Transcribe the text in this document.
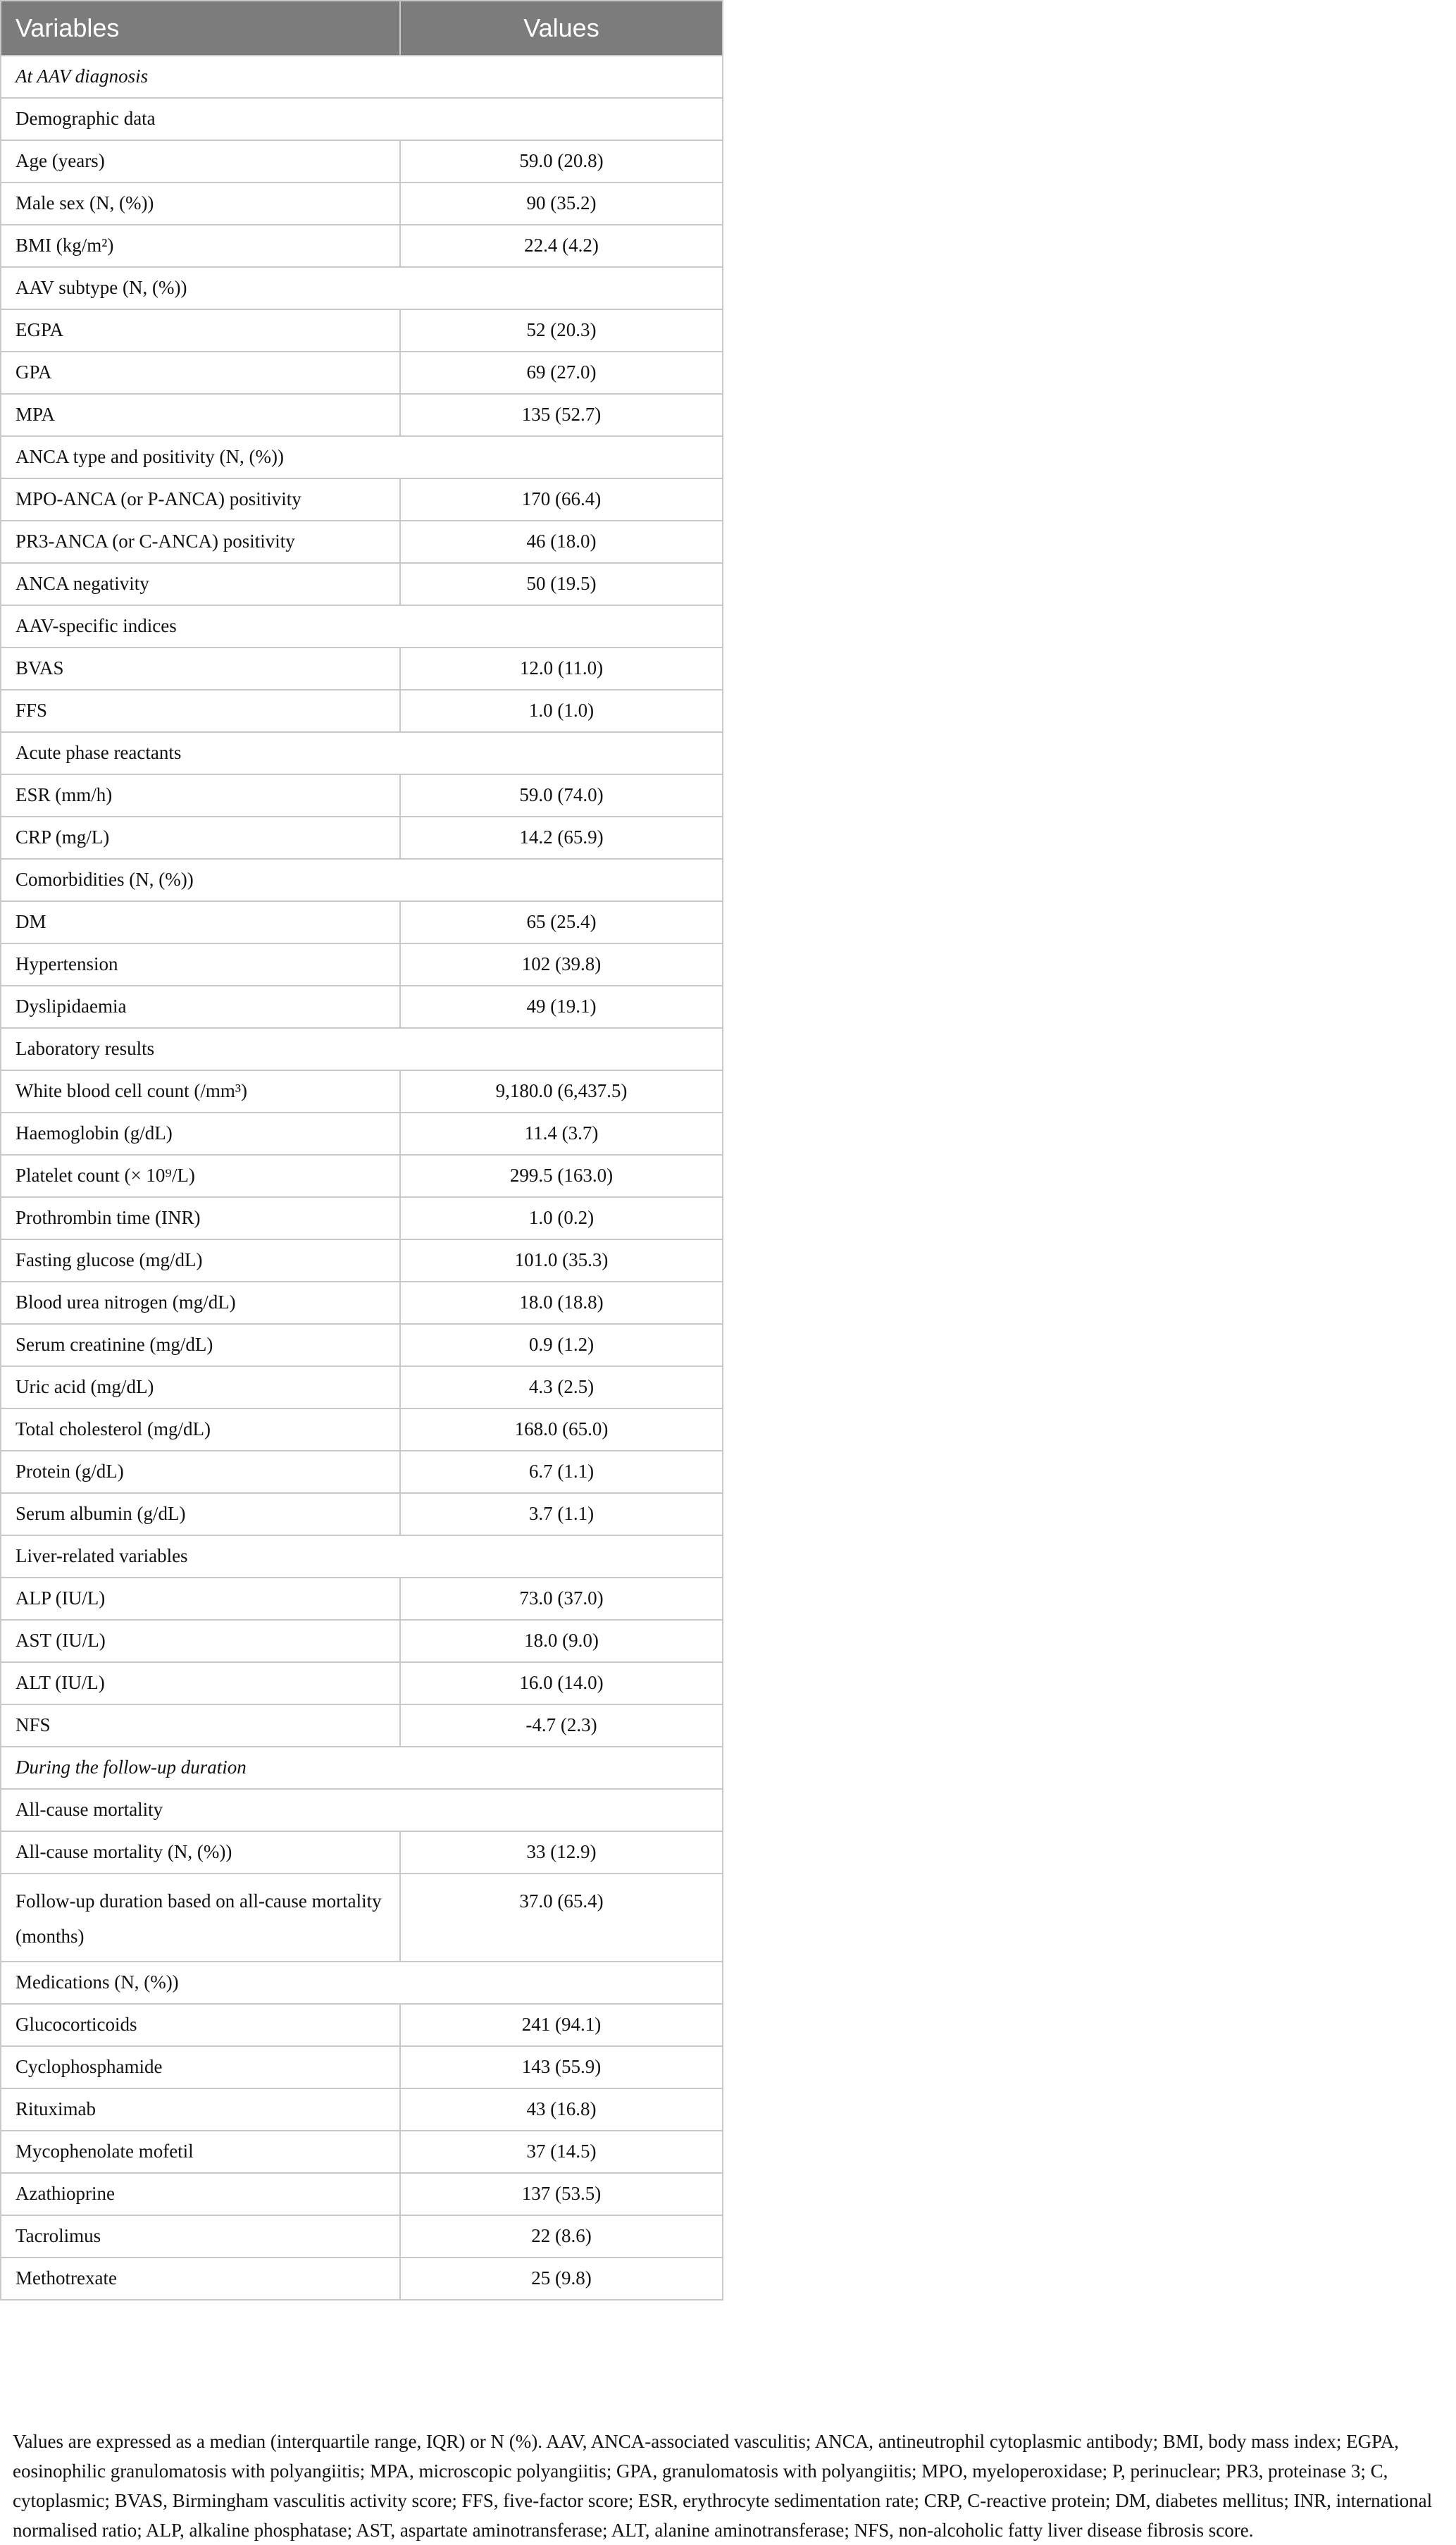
Variables	Values
At AAV diagnosis	
Demographic data	
Age (years)	59.0 (20.8)
Male sex (N, (%))	90 (35.2)
BMI (kg/m²)	22.4 (4.2)
AAV subtype (N, (%))	
EGPA	52 (20.3)
GPA	69 (27.0)
MPA	135 (52.7)
ANCA type and positivity (N, (%))	
MPO-ANCA (or P-ANCA) positivity	170 (66.4)
PR3-ANCA (or C-ANCA) positivity	46 (18.0)
ANCA negativity	50 (19.5)
AAV-specific indices	
BVAS	12.0 (11.0)
FFS	1.0 (1.0)
Acute phase reactants	
ESR (mm/h)	59.0 (74.0)
CRP (mg/L)	14.2 (65.9)
Comorbidities (N, (%))	
DM	65 (25.4)
Hypertension	102 (39.8)
Dyslipidaemia	49 (19.1)
Laboratory results	
White blood cell count (/mm³)	9,180.0 (6,437.5)
Haemoglobin (g/dL)	11.4 (3.7)
Platelet count (× 10⁹/L)	299.5 (163.0)
Prothrombin time (INR)	1.0 (0.2)
Fasting glucose (mg/dL)	101.0 (35.3)
Blood urea nitrogen (mg/dL)	18.0 (18.8)
Serum creatinine (mg/dL)	0.9 (1.2)
Uric acid (mg/dL)	4.3 (2.5)
Total cholesterol (mg/dL)	168.0 (65.0)
Protein (g/dL)	6.7 (1.1)
Serum albumin (g/dL)	3.7 (1.1)
Liver-related variables	
ALP (IU/L)	73.0 (37.0)
AST (IU/L)	18.0 (9.0)
ALT (IU/L)	16.0 (14.0)
NFS	-4.7 (2.3)
During the follow-up duration	
All-cause mortality	
All-cause mortality (N, (%))	33 (12.9)
Follow-up duration based on all-cause mortality (months)	37.0 (65.4)
Medications (N, (%))	
Glucocorticoids	241 (94.1)
Cyclophosphamide	143 (55.9)
Rituximab	43 (16.8)
Mycophenolate mofetil	37 (14.5)
Azathioprine	137 (53.5)
Tacrolimus	22 (8.6)
Methotrexate	25 (9.8)
Values are expressed as a median (interquartile range, IQR) or N (%). AAV, ANCA-associated vasculitis; ANCA, antineutrophil cytoplasmic antibody; BMI, body mass index; EGPA, eosinophilic granulomatosis with polyangiitis; MPA, microscopic polyangiitis; GPA, granulomatosis with polyangiitis; MPO, myeloperoxidase; P, perinuclear; PR3, proteinase 3; C, cytoplasmic; BVAS, Birmingham vasculitis activity score; FFS, five-factor score; ESR, erythrocyte sedimentation rate; CRP, C-reactive protein; DM, diabetes mellitus; INR, international normalised ratio; ALP, alkaline phosphatase; AST, aspartate aminotransferase; ALT, alanine aminotransferase; NFS, non-alcoholic fatty liver disease fibrosis score.
